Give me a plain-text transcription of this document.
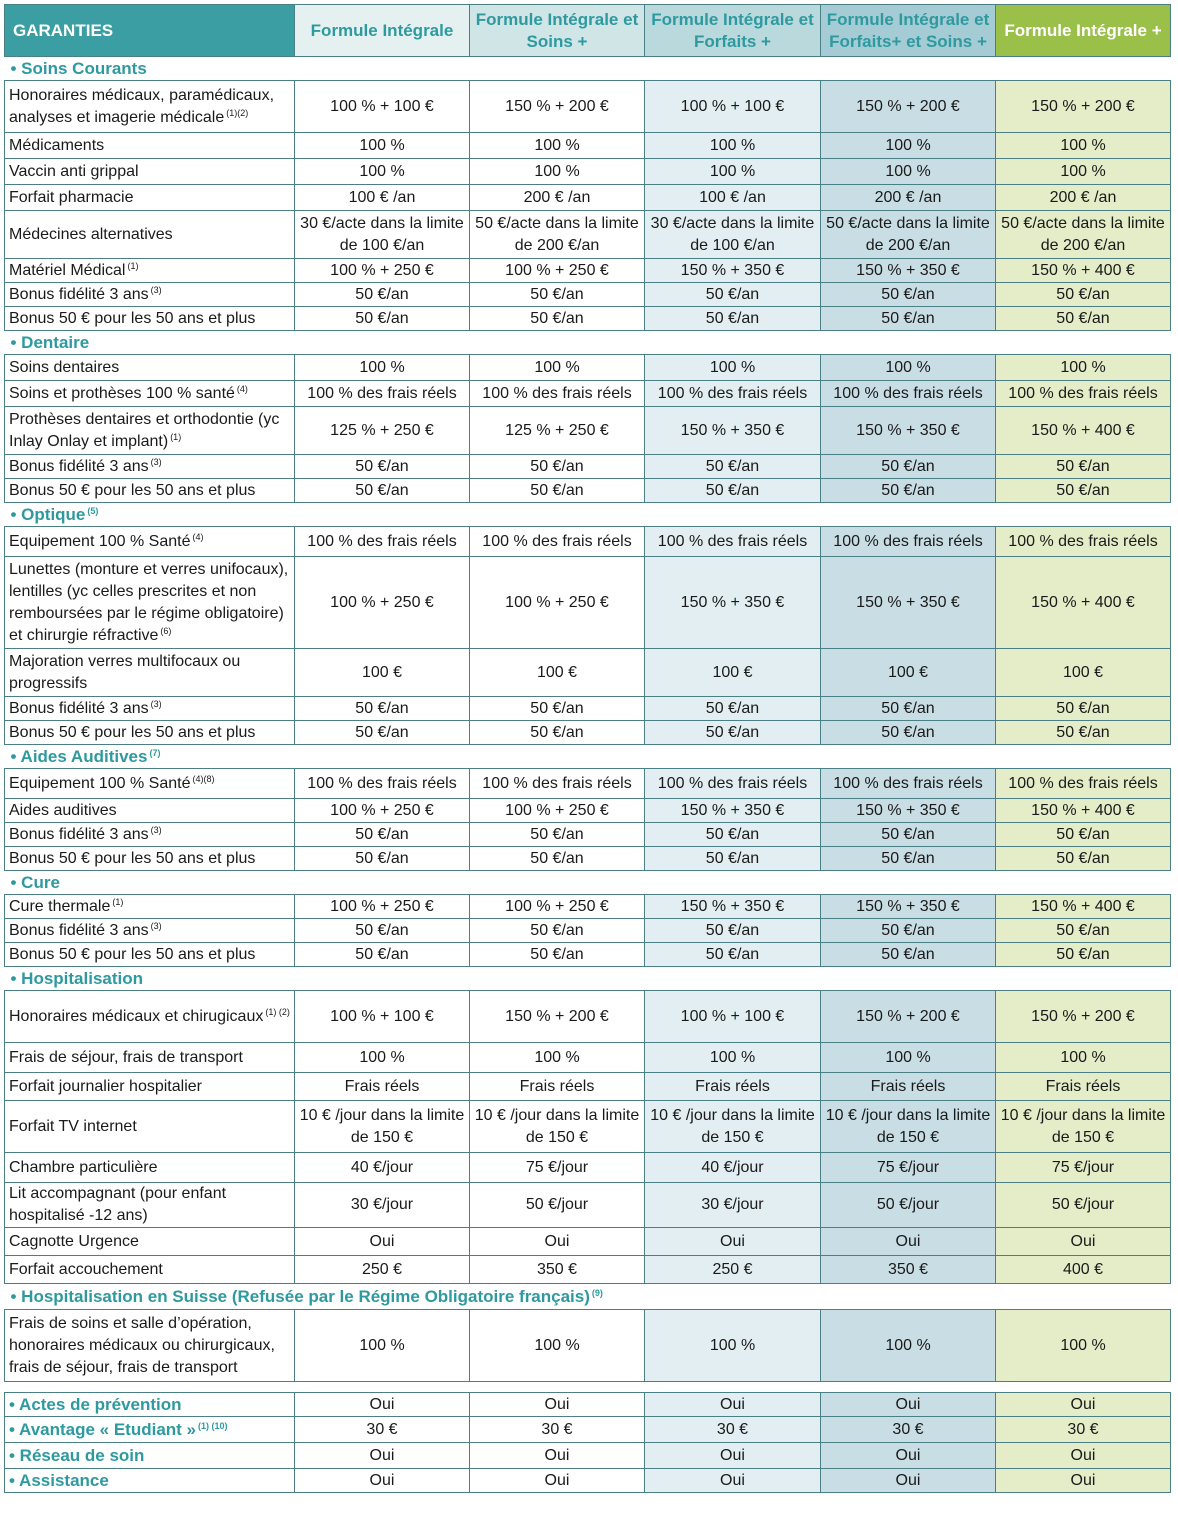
GARANTIES	Formule Intégrale	Formule Intégrale et Soins +	Formule Intégrale et Forfaits +	Formule Intégrale et Forfaits+ et Soins +	Formule Intégrale +
• Soins Courants					
Honoraires médicaux, paramédicaux, analyses et imagerie médicale $^{(1)(2)}$	100 % + 100 €	150 % + 200 €	100 % + 100 €	150 % + 200 €	150 % + 200 €
Médicaments	100 %	100 %	100 %	100 %	100 %
Vaccin anti grippal	100 %	100 %	100 %	100 %	100 %
Forfait pharmacie	100 € /an	200 € /an	100 € /an	200 € /an	200 € /an
Médecines alternatives	30 €/acte dans la limite de 100 €/an	50 €/acte dans la limite de 200 €/an	30 €/acte dans la limite de 100 €/an	50 €/acte dans la limite de 200 €/an	50 €/acte dans la limite de 200 €/an
Matériel Médical $^{(1)}$	100 % + 250 €	100 % + 250 €	150 % + 350 €	150 % + 350 €	150 % + 400 €
Bonus fidélité 3 ans $^{(3)}$	50 €/an	50 €/an	50 €/an	50 €/an	50 €/an
Bonus 50 € pour les 50 ans et plus	50 €/an	50 €/an	50 €/an	50 €/an	50 €/an
• Dentaire					
Soins dentaires	100 %	100 %	100 %	100 %	100 %
Soins et prothèses 100 % santé $^{(4)}$	100 % des frais réels	100 % des frais réels	100 % des frais réels	100 % des frais réels	100 % des frais réels
Prothèses dentaires et orthodontie (yc Inlay Onlay et implant) $^{(1)}$	125 % + 250 €	125 % + 250 €	150 % + 350 €	150 % + 350 €	150 % + 400 €
Bonus fidélité 3 ans $^{(3)}$	50 €/an	50 €/an	50 €/an	50 €/an	50 €/an
Bonus 50 € pour les 50 ans et plus	50 €/an	50 €/an	50 €/an	50 €/an	50 €/an
• Optique $^{(5)}$
Equipement 100 % Santé $^{(4)}$	100 % des frais réels	100 % des frais réels	100 % des frais réels	100 % des frais réels	100 % des frais réels
Lunettes (monture et verres unifocaux), lentilles (yc celles prescrites et non remboursées par le régime obligatoire) et chirurgie réfractive $^{(6)}$	100 % + 250 €	100 % + 250 €	150 % + 350 €	150 % + 350 €	150 % + 400 €
Majoration verres multifocaux ou progressifs	100 €	100 €	100 €	100 €	100 €
Bonus fidélité 3 ans $^{(3)}$	50 €/an	50 €/an	50 €/an	50 €/an	50 €/an
Bonus 50 € pour les 50 ans et plus	50 €/an	50 €/an	50 €/an	50 €/an	50 €/an
• Aides Auditives $^{(7)}$
Equipement 100 % Santé $^{(4)(8)}$	100 % des frais réels	100 % des frais réels	100 % des frais réels	100 % des frais réels	100 % des frais réels
Aides auditives	100 % + 250 €	100 % + 250 €	150 % + 350 €	150 % + 350 €	150 % + 400 €
Bonus fidélité 3 ans $^{(3)}$	50 €/an	50 €/an	50 €/an	50 €/an	50 €/an
Bonus 50 € pour les 50 ans et plus	50 €/an	50 €/an	50 €/an	50 €/an	50 €/an
• Cure					
Cure thermale $^{(1)}$	100 % + 250 €	100 % + 250 €	150 % + 350 €	150 % + 350 €	150 % + 400 €
Bonus fidélité 3 ans $^{(3)}$	50 €/an	50 €/an	50 €/an	50 €/an	50 €/an
Bonus 50 € pour les 50 ans et plus	50 €/an	50 €/an	50 €/an	50 €/an	50 €/an
• Hospitalisation					
Honoraires médicaux et chirugicaux $^{(1) (2)}$	100 % + 100 €	150 % + 200 €	100 % + 100 €	150 % + 200 €	150 % + 200 €
Frais de séjour, frais de transport	100 %	100 %	100 %	100 %	100 %
Forfait journalier hospitalier	Frais réels	Frais réels	Frais réels	Frais réels	Frais réels
Forfait TV internet	10 € /jour dans la limite de 150 €	10 € /jour dans la limite de 150 €	10 € /jour dans la limite de 150 €	10 € /jour dans la limite de 150 €	10 € /jour dans la limite de 150 €
Chambre particulière	40 €/jour	75 €/jour	40 €/jour	75 €/jour	75 €/jour
Lit accompagnant (pour enfant hospitalisé -12 ans)	30 €/jour	50 €/jour	30 €/jour	50 €/jour	50 €/jour
Cagnotte Urgence	Oui	Oui	Oui	Oui	Oui
Forfait accouchement	250 €	350 €	250 €	350 €	400 €
• Hospitalisation en Suisse (Refusée par le Régime Obligatoire français) $^{(9)}$
Frais de soins et salle d’opération, honoraires médicaux ou chirurgicaux, frais de séjour, frais de transport	100 %	100 %	100 %	100 %	100 %

• Actes de prévention	Oui	Oui	Oui	Oui	Oui
• Avantage « Etudiant » $^{(1) (10)}$	30 €	30 €	30 €	30 €	30 €
• Réseau de soin	Oui	Oui	Oui	Oui	Oui
• Assistance	Oui	Oui	Oui	Oui	Oui
